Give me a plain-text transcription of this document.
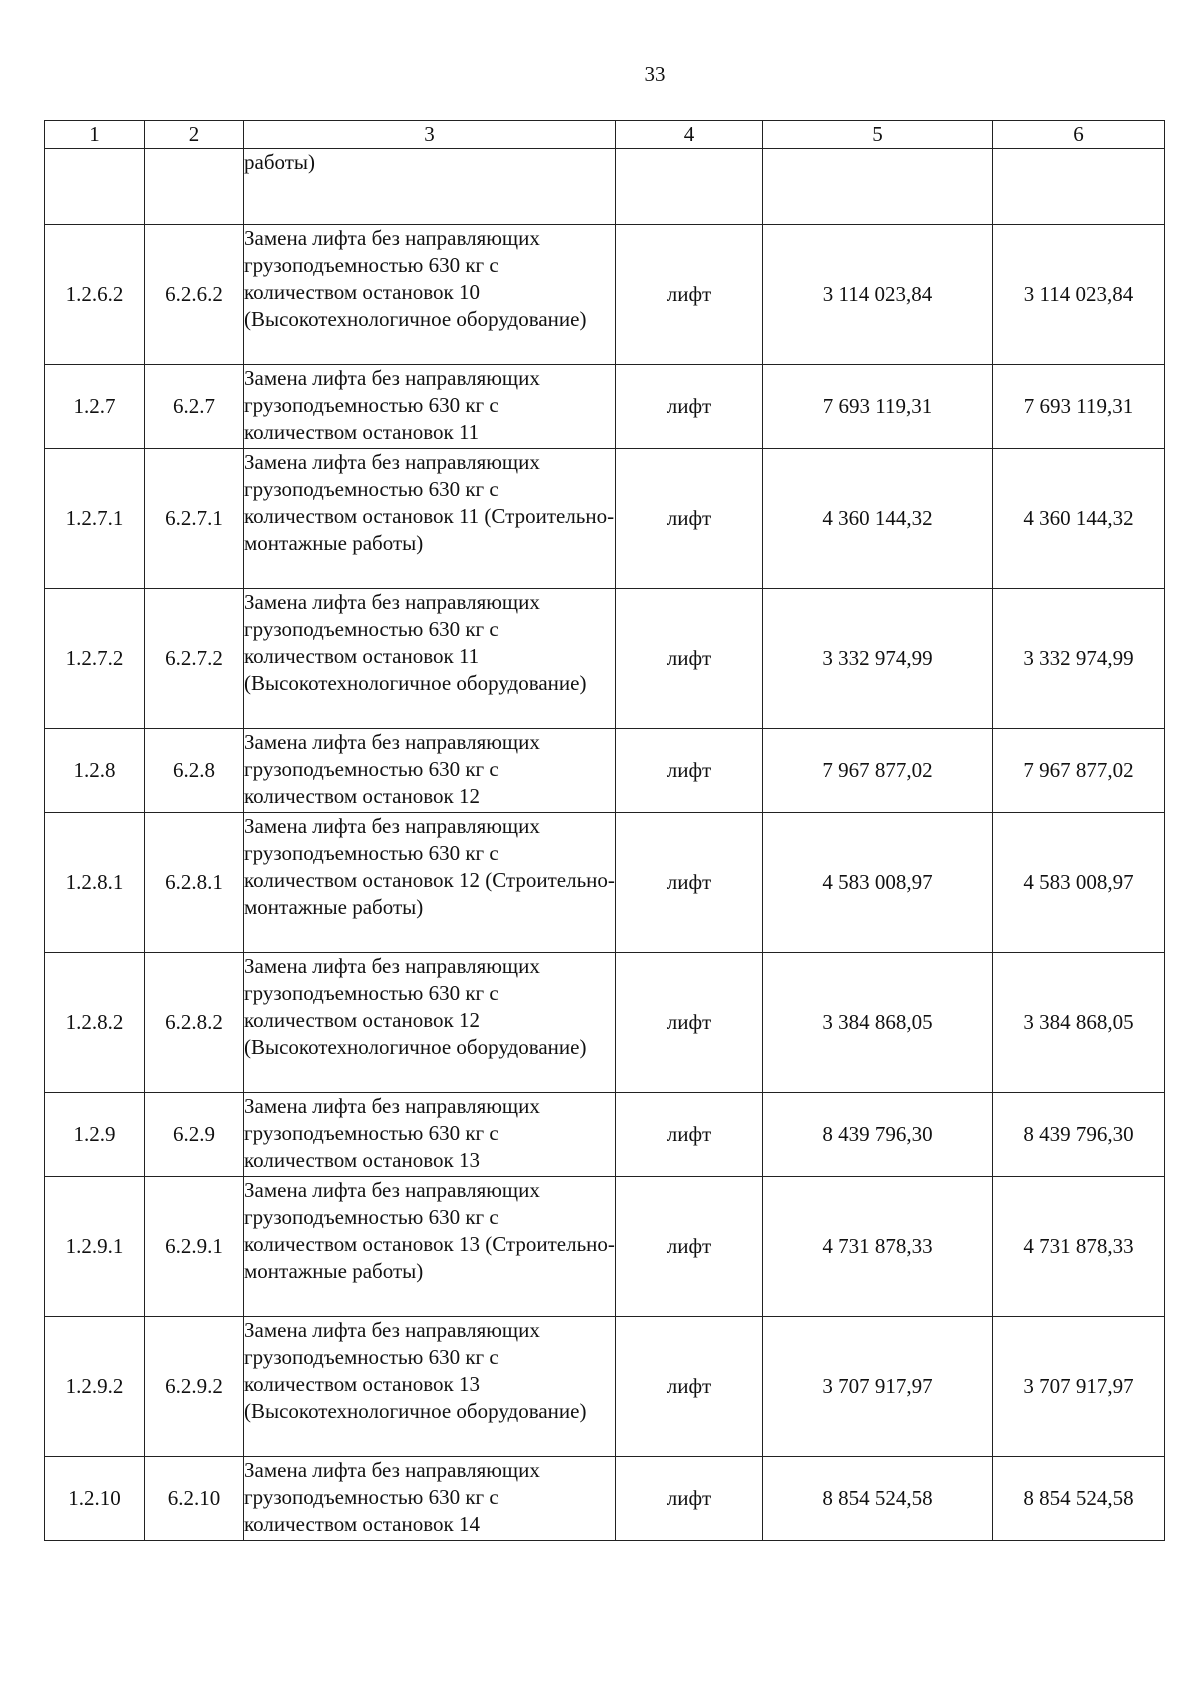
33
1	2	3	4	5	6
		работы)			
1.2.6.2	6.2.6.2	Замена лифта без направляющих грузоподъемностью 630 кг с количеством остановок 10 (Высокотехнологичное оборудование)	лифт	3 114 023,84	3 114 023,84
1.2.7	6.2.7	Замена лифта без направляющих грузоподъемностью 630 кг с количеством остановок 11	лифт	7 693 119,31	7 693 119,31
1.2.7.1	6.2.7.1	Замена лифта без направляющих грузоподъемностью 630 кг с количеством остановок 11 (Строительно-монтажные работы)	лифт	4 360 144,32	4 360 144,32
1.2.7.2	6.2.7.2	Замена лифта без направляющих грузоподъемностью 630 кг с количеством остановок 11 (Высокотехнологичное оборудование)	лифт	3 332 974,99	3 332 974,99
1.2.8	6.2.8	Замена лифта без направляющих грузоподъемностью 630 кг с количеством остановок 12	лифт	7 967 877,02	7 967 877,02
1.2.8.1	6.2.8.1	Замена лифта без направляющих грузоподъемностью 630 кг с количеством остановок 12 (Строительно-монтажные работы)	лифт	4 583 008,97	4 583 008,97
1.2.8.2	6.2.8.2	Замена лифта без направляющих грузоподъемностью 630 кг с количеством остановок 12 (Высокотехнологичное оборудование)	лифт	3 384 868,05	3 384 868,05
1.2.9	6.2.9	Замена лифта без направляющих грузоподъемностью 630 кг с количеством остановок 13	лифт	8 439 796,30	8 439 796,30
1.2.9.1	6.2.9.1	Замена лифта без направляющих грузоподъемностью 630 кг с количеством остановок 13 (Строительно-монтажные работы)	лифт	4 731 878,33	4 731 878,33
1.2.9.2	6.2.9.2	Замена лифта без направляющих грузоподъемностью 630 кг с количеством остановок 13 (Высокотехнологичное оборудование)	лифт	3 707 917,97	3 707 917,97
1.2.10	6.2.10	Замена лифта без направляющих грузоподъемностью 630 кг с количеством остановок 14	лифт	8 854 524,58	8 854 524,58
